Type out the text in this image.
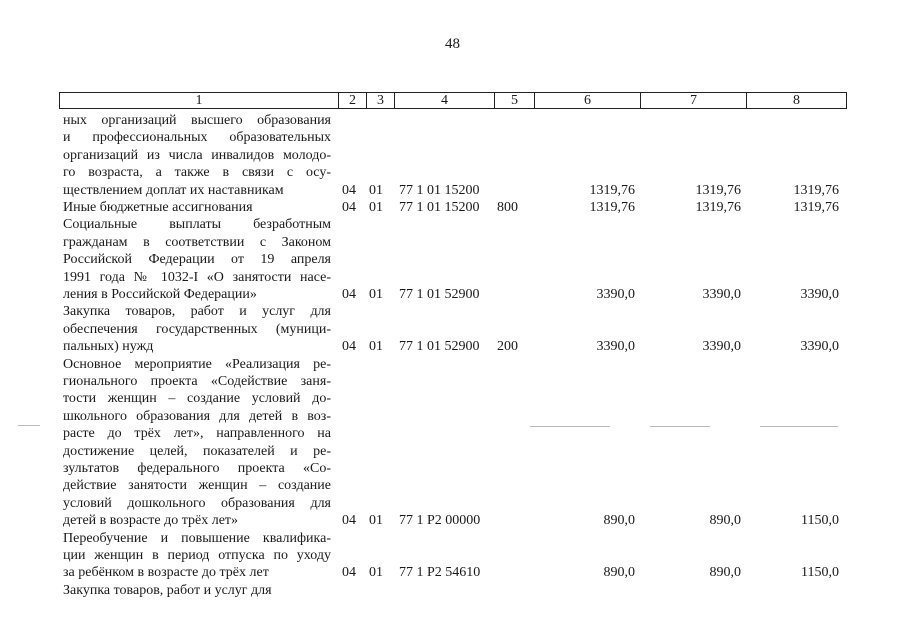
48
1	2	3	4	5	6	7	8
ных организаций высшего образования
и профессиональных образовательных
организаций из числа инвалидов молодо-
го возраста, а также в связи с осу-
ществлением доплат их наставникам	04 01 77 1 01 15200	1319,76	1319,76	1319,76
Иные бюджетные ассигнования	04 01 77 1 01 15200 800	1319,76	1319,76	1319,76
Социальные выплаты безработным
гражданам в соответствии с Законом
Российской Федерации от 19 апреля
1991 года № 1032-I «О занятости насе-
ления в Российской Федерации»	04 01 77 1 01 52900	3390,0	3390,0	3390,0
Закупка товаров, работ и услуг для
обеспечения государственных (муници-
пальных) нужд	04 01 77 1 01 52900 200	3390,0	3390,0	3390,0
Основное мероприятие «Реализация ре-
гионального проекта «Содействие заня-
тости женщин – создание условий до-
школьного образования для детей в воз-
расте до трёх лет», направленного на
достижение целей, показателей и ре-
зультатов федерального проекта «Со-
действие занятости женщин – создание
условий дошкольного образования для
детей в возрасте до трёх лет»	04 01 77 1 P2 00000	890,0	890,0	1150,0
Переобучение и повышение квалифика-
ции женщин в период отпуска по уходу
за ребёнком в возрасте до трёх лет	04 01 77 1 P2 54610	890,0	890,0	1150,0
Закупка товаров, работ и услуг для
